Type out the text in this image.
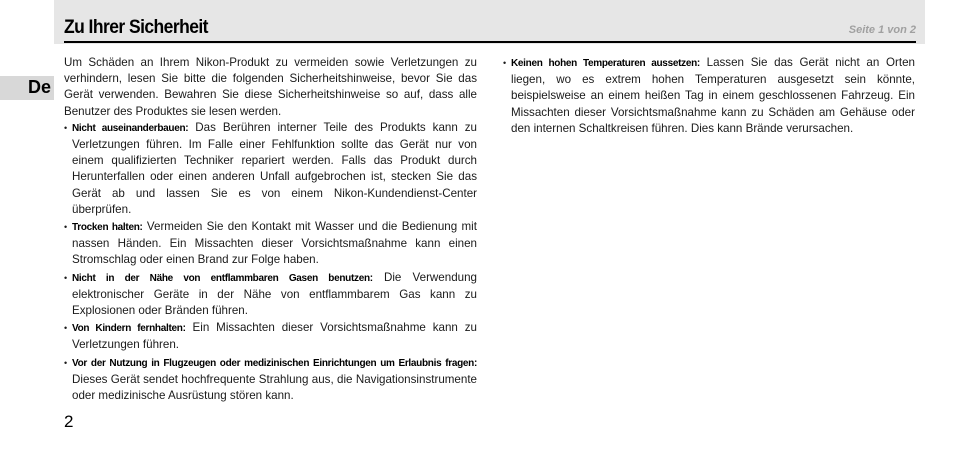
Zu Ihrer Sicherheit	Seite 1 von 2
De

Um Schäden an Ihrem Nikon-Produkt zu vermeiden sowie Verletzungen zu verhindern, lesen Sie bitte die folgenden Sicherheitshinweise, bevor Sie das Gerät verwenden. Bewahren Sie diese Sicherheitshinweise so auf, dass alle Benutzer des Produktes sie lesen werden.

• Nicht auseinanderbauen: Das Berühren interner Teile des Produkts kann zu Verletzungen führen. Im Falle einer Fehlfunktion sollte das Gerät nur von einem qualifizierten Techniker repariert werden. Falls das Produkt durch Herunterfallen oder einen anderen Unfall aufgebrochen ist, stecken Sie das Gerät ab und lassen Sie es von einem Nikon-Kundendienst-Center überprüfen.
• Trocken halten: Vermeiden Sie den Kontakt mit Wasser und die Bedienung mit nassen Händen. Ein Missachten dieser Vorsichtsmaßnahme kann einen Stromschlag oder einen Brand zur Folge haben.
• Nicht in der Nähe von entflammbaren Gasen benutzen: Die Verwendung elektronischer Geräte in der Nähe von entflammbarem Gas kann zu Explosionen oder Bränden führen.
• Von Kindern fernhalten: Ein Missachten dieser Vorsichtsmaßnahme kann zu Verletzungen führen.
• Vor der Nutzung in Flugzeugen oder medizinischen Einrichtungen um Erlaubnis fragen: Dieses Gerät sendet hochfrequente Strahlung aus, die Navigationsinstrumente oder medizinische Ausrüstung stören kann.
• Keinen hohen Temperaturen aussetzen: Lassen Sie das Gerät nicht an Orten liegen, wo es extrem hohen Temperaturen ausgesetzt sein könnte, beispielsweise an einem heißen Tag in einem geschlossenen Fahrzeug. Ein Missachten dieser Vorsichtsmaßnahme kann zu Schäden am Gehäuse oder den internen Schaltkreisen führen. Dies kann Brände verursachen.
2
